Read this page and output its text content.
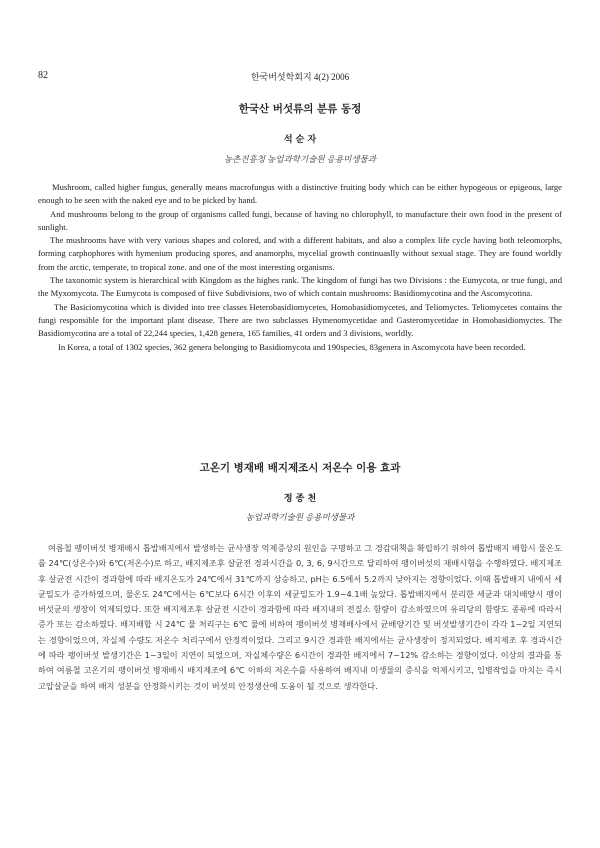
82	한국버섯학회지 4(2) 2006
한국산 버섯류의 분류 동정
석 순 자
농촌진흥청 농업과학기술원 응용미생물과

Mushroom, called higher fungus, generally means macrofungus with a distinctive fruiting body which can be either hypogeous or epigeous, large enough to be seen with the naked eye and to be picked by hand.

And mushrooms belong to the group of organisms called fungi, because of having no chlorophyll, to manufacture their own food in the present of sunlight.

The mushrooms have with very various shapes and colored, and with a different habitats, and also a complex life cycle having both teleomorphs, forming carphophores with hymenium producing spores, and anamorphs, mycelial growth continuaslly without sexual stage. They are found worldly from the arctic, temperate, to tropical zone. and one of the most interesting organisms.

The taxonomic system is hierarchical with Kingdom as the highes rank. The kingdom of fungi has two Divisions : the Eumycota, or true fungi, and the Myxomycota. The Eumycota is composed of fiive Subdivisions, two of which contain mushrooms: Basidiomycotina and the Ascomycotina.

The Basiciomycotina which is divided into tree classes Heterobasidiomycetes, Homobasidiomycetes, and Teliomyctes. Teliomycetes contains the fungi responsible for the important plant disease. There are two subclasses Hymenomycetidae and Gasteromycetidae in Homobasidiomyctes. The Basidiomycotina are a total of 22,244 species, 1,428 genera, 165 families, 41 orders and 3 divisions, worldly.

In Korea, a total of 1302 species, 362 genera belonging to Basidiomycota and 190species, 83genera in Ascomycota have been recorded.

고온기 병재배 배지제조시 저온수 이용 효과
정 종 천
농업과학기술원 응용미생물과

여름철 팽이버섯 병재배시 톱밥배지에서 발생하는 균사생장 억제증상의 원인을 구명하고 그 경감대책을 확립하기 위하여 톱밥배지 배합시 물온도를 24℃(상온수)와 6℃(저온수)로 하고, 배지제조후 살균전 경과시간을 0, 3, 6, 9시간으로 달리하여 팽이버섯의 재배시험을 수행하였다. 배지제조 후 살균전 시간이 경과함에 따라 배지온도가 24℃에서 31℃까지 상승하고, pH는 6.5에서 5.2까지 낮아지는 경향이었다. 이때 톱밥배지 내에서 세균밀도가 증가하였으며, 물온도 24℃에서는 6℃보다 6시간 이후의 세균밀도가 1.9~4.1배 높았다. 톱밥배지에서 분리한 세균과 대치배양시 팽이버섯균의 생장이 억제되었다. 또한 배지제조후 살균전 시간이 경과함에 따라 배지내의 전질소 함량이 감소하였으며 유리당의 함량도 종류에 따라서 증가 또는 감소하였다. 배지배합 시 24℃ 물 처리구는 6℃ 물에 비하여 팽이버섯 병재배사에서 균배양기간 및 버섯발생기간이 각각 1~2일 지연되는 경향이었으며, 자실체 수량도 저온수 처리구에서 안정적이었다. 그리고 9시간 경과한 배지에서는 균사생장이 정지되었다. 배지제조 후 경과시간에 따라 팽이버섯 발생기간은 1~3일이 지연이 되었으며, 자실체수량은 6시간이 경과한 배지에서 7~12% 감소하는 경향이었다. 이상의 결과를 통하여 여름철 고온기의 팽이버섯 병재배시 배지제조에 6℃ 이하의 저온수를 사용하여 배지내 미생물의 증식을 억제시키고, 입병작업을 마치는 즉시 고압살균을 하여 배지 성분을 안정화시키는 것이 버섯의 안정생산에 도움이 될 것으로 생각한다.
